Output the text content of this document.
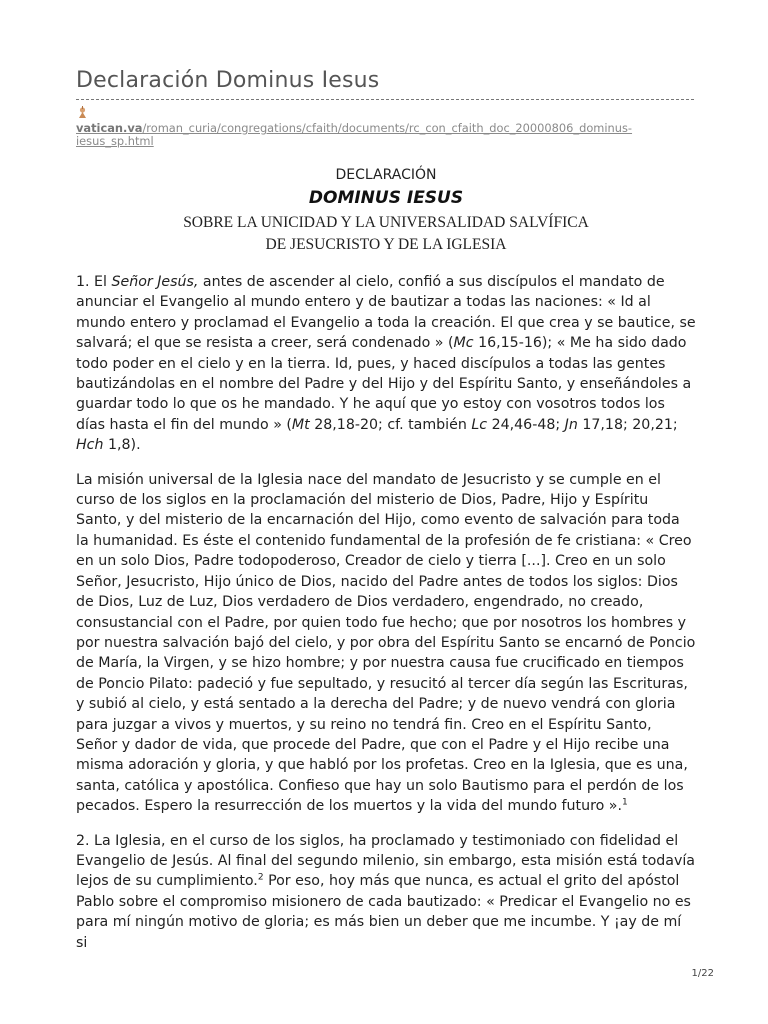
Declaración Dominus Iesus
vatican.va/roman_curia/congregations/cfaith/documents/rc_con_cfaith_doc_20000806_dominus-iesus_sp.html
DECLARACIÓN
DOMINUS IESUS
SOBRE LA UNICIDAD Y LA UNIVERSALIDAD SALVÍFICA
DE JESUCRISTO Y DE LA IGLESIA

1. El Señor Jesús, antes de ascender al cielo, confió a sus discípulos el mandato de anunciar el Evangelio al mundo entero y de bautizar a todas las naciones: « Id al mundo entero y proclamad el Evangelio a toda la creación. El que crea y se bautice, se salvará; el que se resista a creer, será condenado » (Mc 16,15-16); « Me ha sido dado todo poder en el cielo y en la tierra. Id, pues, y haced discípulos a todas las gentes bautizándolas en el nombre del Padre y del Hijo y del Espíritu Santo, y enseñándoles a guardar todo lo que os he mandado. Y he aquí que yo estoy con vosotros todos los días hasta el fin del mundo » (Mt 28,18-20; cf. también Lc 24,46-48; Jn 17,18; 20,21; Hch 1,8).

La misión universal de la Iglesia nace del mandato de Jesucristo y se cumple en el curso de los siglos en la proclamación del misterio de Dios, Padre, Hijo y Espíritu Santo, y del misterio de la encarnación del Hijo, como evento de salvación para toda la humanidad. Es éste el contenido fundamental de la profesión de fe cristiana: « Creo en un solo Dios, Padre todopoderoso, Creador de cielo y tierra [...]. Creo en un solo Señor, Jesucristo, Hijo único de Dios, nacido del Padre antes de todos los siglos: Dios de Dios, Luz de Luz, Dios verdadero de Dios verdadero, engendrado, no creado, consustancial con el Padre, por quien todo fue hecho; que por nosotros los hombres y por nuestra salvación bajó del cielo, y por obra del Espíritu Santo se encarnó de Poncio de María, la Virgen, y se hizo hombre; y por nuestra causa fue crucificado en tiempos de Poncio Pilato: padeció y fue sepultado, y resucitó al tercer día según las Escrituras, y subió al cielo, y está sentado a la derecha del Padre; y de nuevo vendrá con gloria para juzgar a vivos y muertos, y su reino no tendrá fin. Creo en el Espíritu Santo, Señor y dador de vida, que procede del Padre, que con el Padre y el Hijo recibe una misma adoración y gloria, y que habló por los profetas. Creo en la Iglesia, que es una, santa, católica y apostólica. Confieso que hay un solo Bautismo para el perdón de los pecados. Espero la resurrección de los muertos y la vida del mundo futuro ».$^1$

2. La Iglesia, en el curso de los siglos, ha proclamado y testimoniado con fidelidad el Evangelio de Jesús. Al final del segundo milenio, sin embargo, esta misión está todavía lejos de su cumplimiento.$^2$ Por eso, hoy más que nunca, es actual el grito del apóstol Pablo sobre el compromiso misionero de cada bautizado: « Predicar el Evangelio no es para mí ningún motivo de gloria; es más bien un deber que me incumbe. Y ¡ay de mí si

1/22
